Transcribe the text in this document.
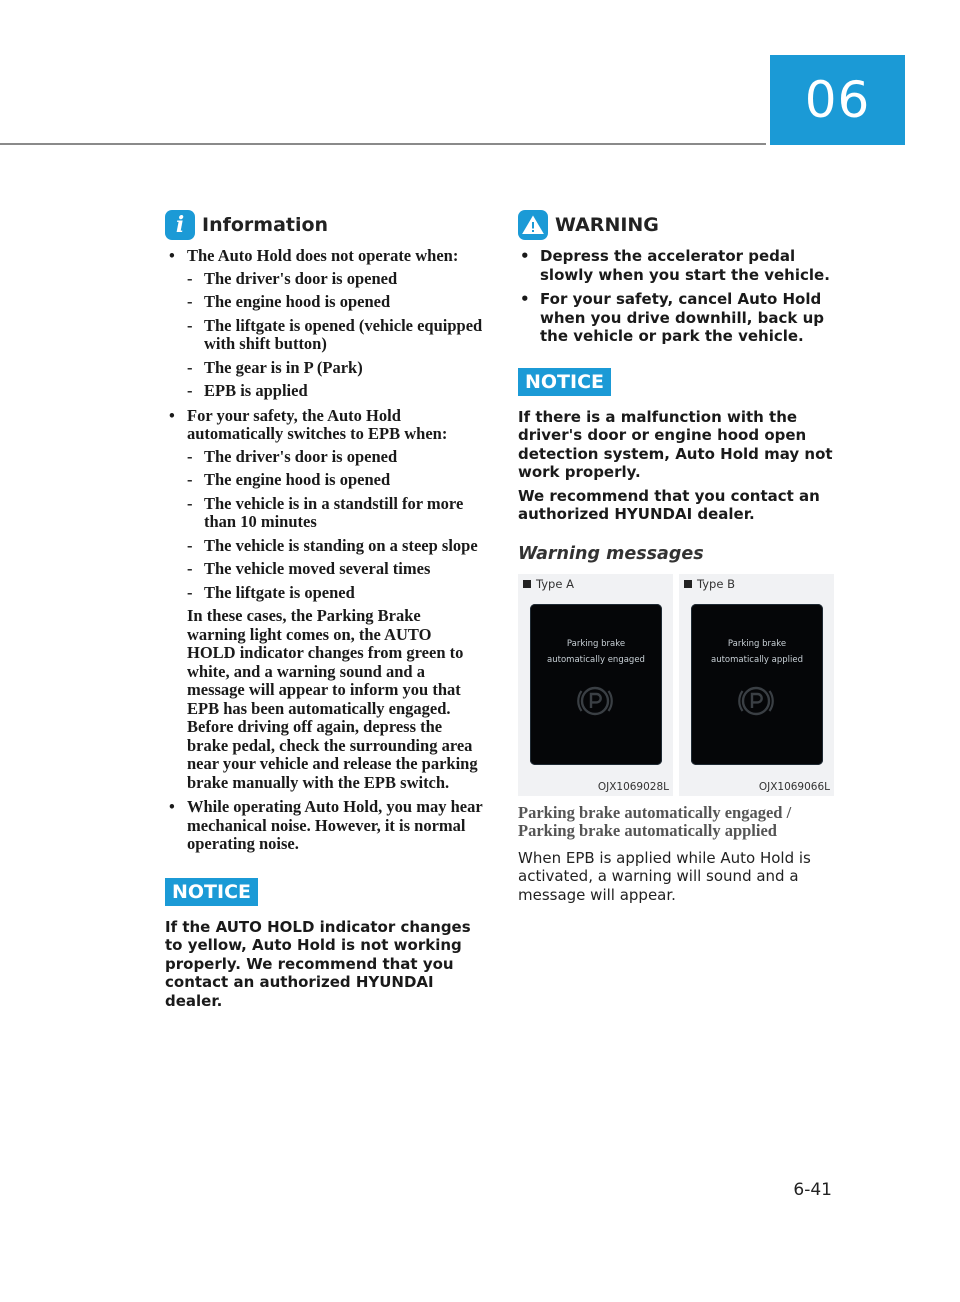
06
i Information
• The Auto Hold does not operate when:
- The driver's door is opened
- The engine hood is opened
- The liftgate is opened (vehicle equipped with shift button)
- The gear is in P (Park)
- EPB is applied
• For your safety, the Auto Hold automatically switches to EPB when:
- The driver's door is opened
- The engine hood is opened
- The vehicle is in a standstill for more than 10 minutes
- The vehicle is standing on a steep slope
- The vehicle moved several times
- The liftgate is opened
In these cases, the Parking Brake warning light comes on, the AUTO HOLD indicator changes from green to white, and a warning sound and a message will appear to inform you that EPB has been automatically engaged. Before driving off again, depress the brake pedal, check the surrounding area near your vehicle and release the parking brake manually with the EPB switch.
• While operating Auto Hold, you may hear mechanical noise. However, it is normal operating noise.
NOTICE

If the AUTO HOLD indicator changes to yellow, Auto Hold is not working properly. We recommend that you contact an authorized HYUNDAI dealer.

WARNING
• Depress the accelerator pedal slowly when you start the vehicle.
• For your safety, cancel Auto Hold when you drive downhill, back up the vehicle or park the vehicle.
NOTICE

If there is a malfunction with the driver's door or engine hood open detection system, Auto Hold may not work properly.

We recommend that you contact an authorized HYUNDAI dealer.

Warning messages
Type A
Parking brake
automatically engaged
OJX1069028L
Type B
Parking brake
automatically applied
OJX1069066L
Parking brake automatically engaged / Parking brake automatically applied
When EPB is applied while Auto Hold is activated, a warning will sound and a message will appear.
6-41
